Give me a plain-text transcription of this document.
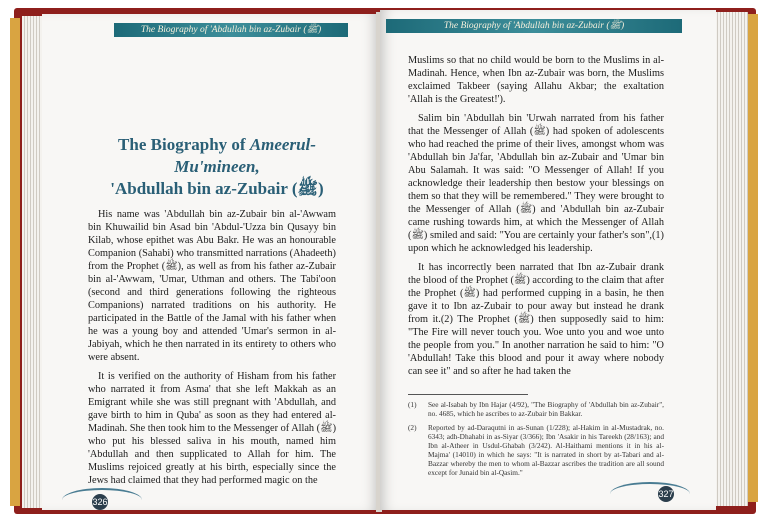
The Biography of 'Abdullah bin az-Zubair (ﷺ)
The Biography of Ameerul-Mu'mineen,
'Abdullah bin az-Zubair (ﷺ)

His name was 'Abdullah bin az-Zubair bin al-'Awwam bin Khuwailid bin Asad bin 'Abdul-'Uzza bin Qusayy bin Kilab, whose epithet was Abu Bakr. He was an honourable Companion (Sahabi) who transmitted narrations (Ahadeeth) from the Prophet (ﷺ), as well as from his father az-Zubair bin al-'Awwam, 'Umar, Uthman and others. The Tabi'oon (second and third generations following the righteous Companions) narrated traditions on his authority. He participated in the Battle of the Jamal with his father when he was a young boy and attended 'Umar's sermon in al-Jabiyah, which he then narrated in its entirety to others who were absent.

It is verified on the authority of Hisham from his father who narrated it from Asma' that she left Makkah as an Emigrant while she was still pregnant with 'Abdullah, and gave birth to him in Quba' as soon as they had entered al-Madinah. She then took him to the Messenger of Allah (ﷺ) who put his blessed saliva in his mouth, named him 'Abdullah and then supplicated to Allah for him. The Muslims rejoiced greatly at his birth, especially since the Jews had claimed that they had performed magic on the

326
The Biography of 'Abdullah bin az-Zubair (ﷺ)

Muslims so that no child would be born to the Muslims in al-Madinah. Hence, when Ibn az-Zubair was born, the Muslims exclaimed Takbeer (saying Allahu Akbar; the exaltation 'Allah is the Greatest!').

Salim bin 'Abdullah bin 'Urwah narrated from his father that the Messenger of Allah (ﷺ) had spoken of adolescents who had reached the prime of their lives, amongst whom was 'Abdullah bin Ja'far, 'Abdullah bin az-Zubair and 'Umar bin Abu Salamah. It was said: "O Messenger of Allah! If you acknowledge their leadership then bestow your blessings on them so that they will be remembered." They were brought to the Messenger of Allah (ﷺ) and 'Abdullah bin az-Zubair came rushing towards him, at which the Messenger of Allah (ﷺ) smiled and said: "You are certainly your father's son",(1) upon which he acknowledged his leadership.

It has incorrectly been narrated that Ibn az-Zubair drank the blood of the Prophet (ﷺ) according to the claim that after the Prophet (ﷺ) had performed cupping in a basin, he then gave it to Ibn az-Zubair to pour away but instead he drank from it.(2) The Prophet (ﷺ) then supposedly said to him: "The Fire will never touch you. Woe unto you and woe unto the people from you." In another narration he said to him: "O 'Abdullah! Take this blood and pour it away where nobody can see it" and so after he had taken the

(1)	See al-Isabah by Ibn Hajar (4/92), "The Biography of 'Abdullah bin az-Zubair", no. 4685, which he ascribes to az-Zubair bin Bakkar.
(2)	Reported by ad-Daraqutni in as-Sunan (1/228); al-Hakim in al-Mustadrak, no. 6343; adh-Dhahabi in as-Siyar (3/366); Ibn 'Asakir in his Tareekh (28/163); and Ibn al-Atheer in Usdul-Ghabah (3/242). Al-Haithami mentions it in his al-Majma' (14010) in which he says: "It is narrated in short by at-Tabari and al-Bazzar whereby the men to whom al-Bazzar ascribes the tradition are all sound except for Junaid bin al-Qasim."
327
